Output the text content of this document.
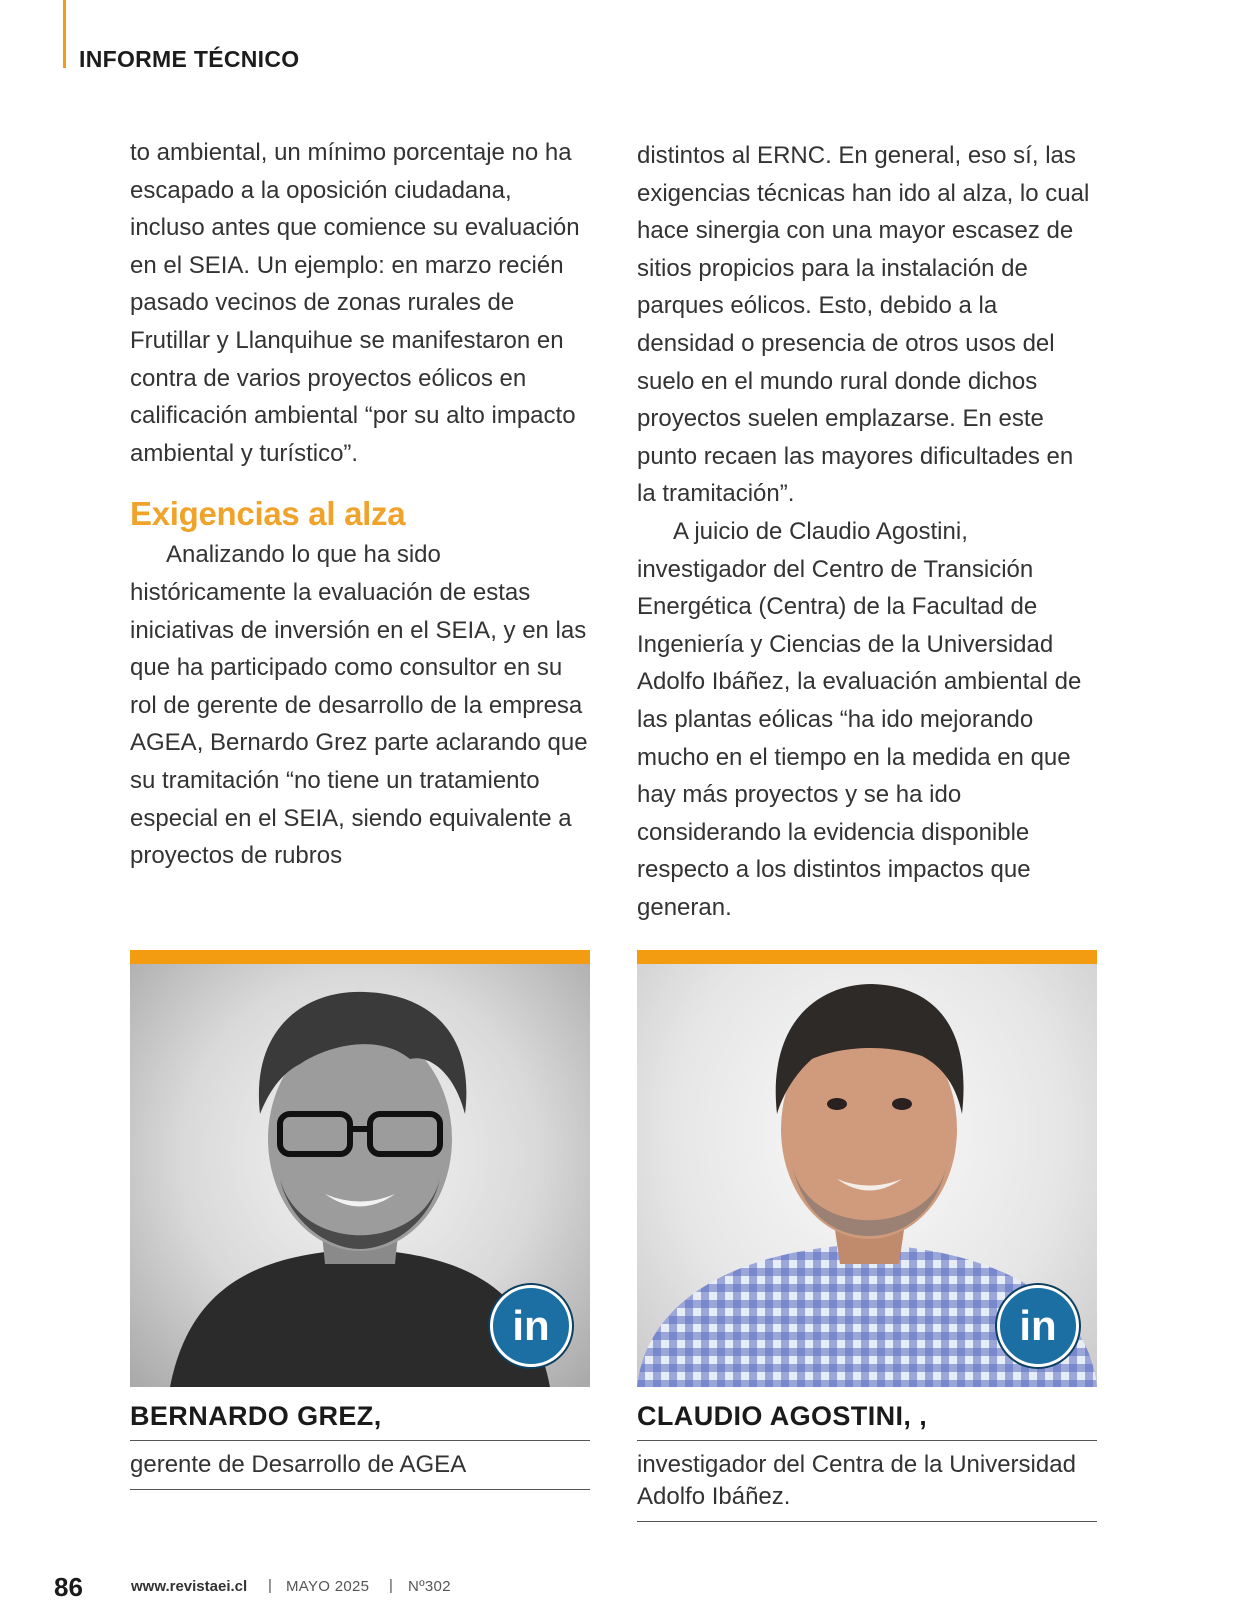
INFORME TÉCNICO

to ambiental, un mínimo porcentaje no ha escapado a la oposición ciudadana, incluso antes que comience su evaluación en el SEIA. Un ejemplo: en marzo recién pasado vecinos de zonas rurales de Frutillar y Llanquihue se manifestaron en contra de varios proyectos eólicos en calificación ambiental “por su alto impacto ambiental y turístico”.

Exigencias al alza

Analizando lo que ha sido históricamente la evaluación de estas iniciativas de inversión en el SEIA, y en las que ha participado como consultor en su rol de gerente de desarrollo de la empresa AGEA, Bernardo Grez parte aclarando que su tramitación “no tiene un tratamiento especial en el SEIA, siendo equivalente a proyectos de rubros

distintos al ERNC. En general, eso sí, las exigencias técnicas han ido al alza, lo cual hace sinergia con una mayor escasez de sitios propicios para la instalación de parques eólicos. Esto, debido a la densidad o presencia de otros usos del suelo en el mundo rural donde dichos proyectos suelen emplazarse. En este punto recaen las mayores dificultades en la tramitación”.

A juicio de Claudio Agostini, investigador del Centro de Transición Energética (Centra) de la Facultad de Ingeniería y Ciencias de la Universidad Adolfo Ibáñez, la evaluación ambiental de las plantas eólicas “ha ido mejorando mucho en el tiempo en la medida en que hay más proyectos y se ha ido considerando la evidencia disponible respecto a los distintos impactos que generan.

in
BERNARDO GREZ,
gerente de Desarrollo de AGEA
in
CLAUDIO AGOSTINI, ,
investigador del Centra de la Universidad Adolfo Ibáñez.
86	www.revistaei.cl | MAYO 2025 | Nº302
